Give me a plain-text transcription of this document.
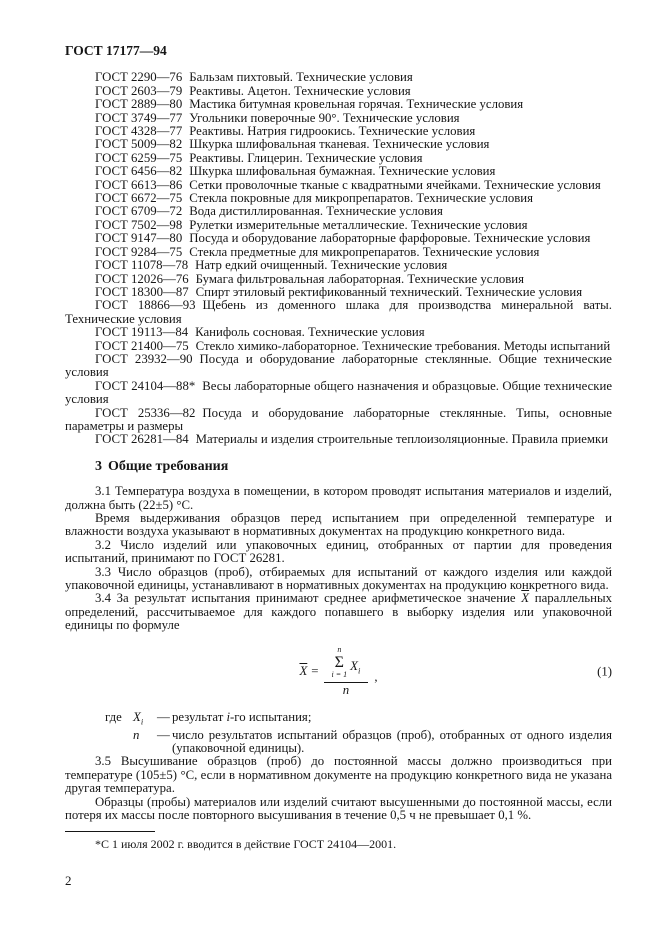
ГОСТ 17177—94

ГОСТ 2290—76 Бальзам пихтовый. Технические условия

ГОСТ 2603—79 Реактивы. Ацетон. Технические условия

ГОСТ 2889—80 Мастика битумная кровельная горячая. Технические условия

ГОСТ 3749—77 Угольники поверочные 90°. Технические условия

ГОСТ 4328—77 Реактивы. Натрия гидроокись. Технические условия

ГОСТ 5009—82 Шкурка шлифовальная тканевая. Технические условия

ГОСТ 6259—75 Реактивы. Глицерин. Технические условия

ГОСТ 6456—82 Шкурка шлифовальная бумажная. Технические условия

ГОСТ 6613—86 Сетки проволочные тканые с квадратными ячейками. Технические условия

ГОСТ 6672—75 Стекла покровные для микропрепаратов. Технические условия

ГОСТ 6709—72 Вода дистиллированная. Технические условия

ГОСТ 7502—98 Рулетки измерительные металлические. Технические условия

ГОСТ 9147—80 Посуда и оборудование лабораторные фарфоровые. Технические условия

ГОСТ 9284—75 Стекла предметные для микропрепаратов. Технические условия

ГОСТ 11078—78 Натр едкий очищенный. Технические условия

ГОСТ 12026—76 Бумага фильтровальная лабораторная. Технические условия

ГОСТ 18300—87 Спирт этиловый ректификованный технический. Технические условия

ГОСТ 18866—93 Щебень из доменного шлака для производства минеральной ваты. Технические условия

ГОСТ 19113—84 Канифоль сосновая. Технические условия

ГОСТ 21400—75 Стекло химико-лабораторное. Технические требования. Методы испытаний

ГОСТ 23932—90 Посуда и оборудование лабораторные стеклянные. Общие технические условия

ГОСТ 24104—88* Весы лабораторные общего назначения и образцовые. Общие технические условия

ГОСТ 25336—82 Посуда и оборудование лабораторные стеклянные. Типы, основные параметры и размеры

ГОСТ 26281—84 Материалы и изделия строительные теплоизоляционные. Правила приемки

3 Общие требования

3.1 Температура воздуха в помещении, в котором проводят испытания материалов и изделий, должна быть (22±5) °С.

Время выдерживания образцов перед испытанием при определенной температуре и влажности воздуха указывают в нормативных документах на продукцию конкретного вида.

3.2 Число изделий или упаковочных единиц, отобранных от партии для проведения испытаний, принимают по ГОСТ 26281.

3.3 Число образцов (проб), отбираемых для испытаний от каждого изделия или каждой упаковочной единицы, устанавливают в нормативных документах на продукцию конкретного вида.

3.4 За результат испытания принимают среднее арифметическое значение $\overline{X}$ параллельных определений, рассчитываемое для каждого попавшего в выборку изделия или упаковочной единицы по формуле

$\overline{X} = n$
Σ
i = 1
$X_i$
n ,	(1)
где $X_i$	— результат i-го испытания;
n	— число результатов испытаний образцов (проб), отобранных от одного изделия (упаковочной единицы).

3.5 Высушивание образцов (проб) до постоянной массы должно производиться при температуре (105±5) °С, если в нормативном документе на продукцию конкретного вида не указана другая температура.

Образцы (пробы) материалов или изделий считают высушенными до постоянной массы, если потеря их массы после повторного высушивания в течение 0,5 ч не превышает 0,1 %.

*С 1 июля 2002 г. вводится в действие ГОСТ 24104—2001.

2
